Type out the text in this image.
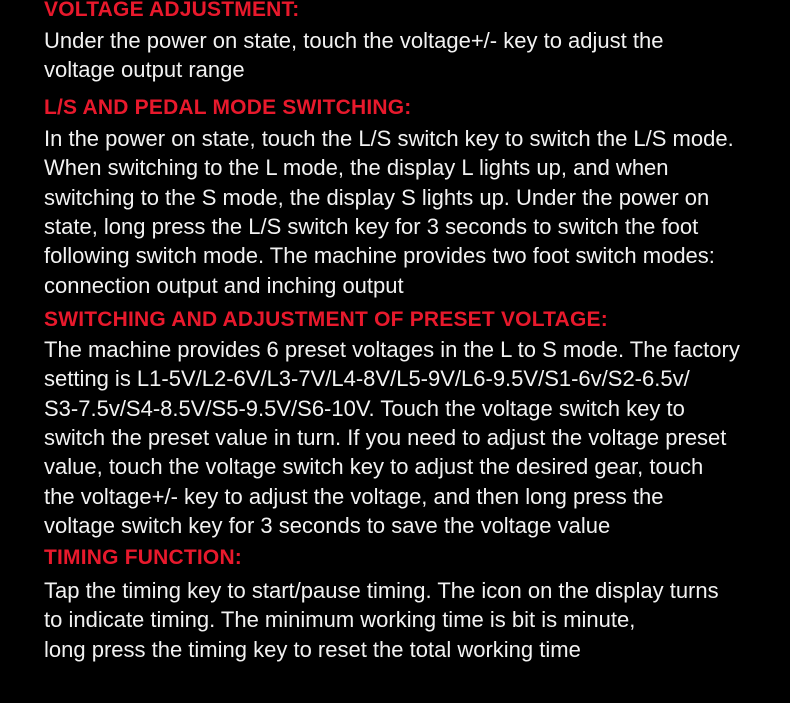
VOLTAGE ADJUSTMENT:
Under the power on state, touch the voltage+/- key to adjust the
voltage output range
L/S AND PEDAL MODE SWITCHING:
In the power on state, touch the L/S switch key to switch the L/S mode.
When switching to the L mode, the display L lights up, and when
switching to the S mode, the display S lights up. Under the power on
state, long press the L/S switch key for 3 seconds to switch the foot
following switch mode. The machine provides two foot switch modes:
connection output and inching output
SWITCHING AND ADJUSTMENT OF PRESET VOLTAGE:
The machine provides 6 preset voltages in the L to S mode. The factory
setting is L1-5V/L2-6V/L3-7V/L4-8V/L5-9V/L6-9.5V/S1-6v/S2-6.5v/
S3-7.5v/S4-8.5V/S5-9.5V/S6-10V. Touch the voltage switch key to
switch the preset value in turn. If you need to adjust the voltage preset
value, touch the voltage switch key to adjust the desired gear, touch
the voltage+/- key to adjust the voltage, and then long press the
voltage switch key for 3 seconds to save the voltage value
TIMING FUNCTION:
Tap the timing key to start/pause timing. The icon on the display turns
to indicate timing. The minimum working time is bit is minute,
long press the timing key to reset the total working time
